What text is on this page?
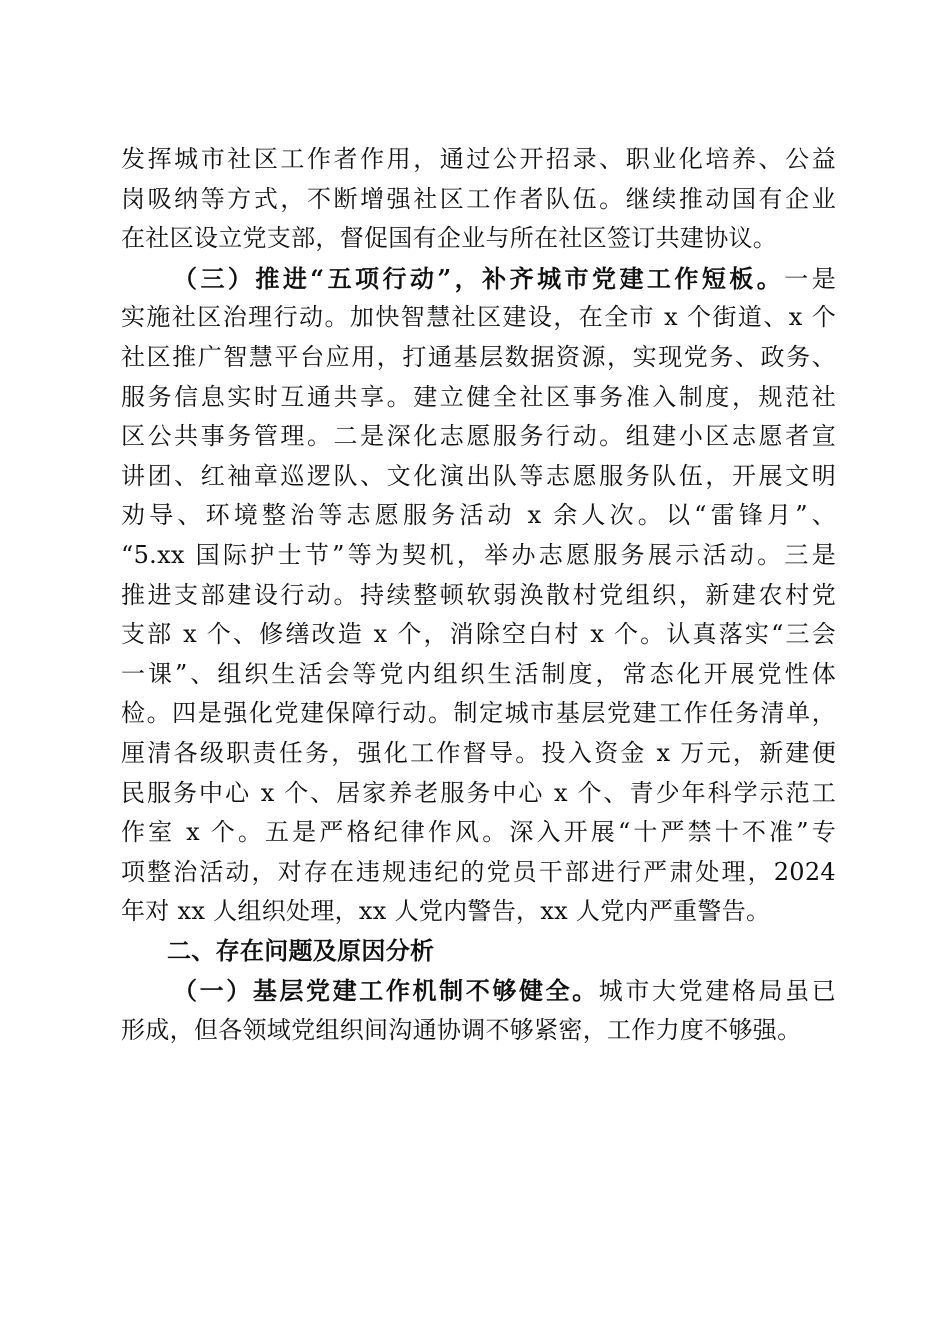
发挥城市社区工作者作用，通过公开招录、职业化培养、公益
岗吸纳等方式，不断增强社区工作者队伍。继续推动国有企业
在社区设立党支部，督促国有企业与所在社区签订共建协议。
（三）推进“五项行动”，补齐城市党建工作短板。一是
实施社区治理行动。加快智慧社区建设，在全市 x 个街道、x 个
社区推广智慧平台应用，打通基层数据资源，实现党务、政务、
服务信息实时互通共享。建立健全社区事务准入制度，规范社
区公共事务管理。二是深化志愿服务行动。组建小区志愿者宣
讲团、红袖章巡逻队、文化演出队等志愿服务队伍，开展文明
劝导、环境整治等志愿服务活动 x 余人次。以“雷锋月”、
“5.xx 国际护士节”等为契机，举办志愿服务展示活动。三是
推进支部建设行动。持续整顿软弱涣散村党组织，新建农村党
支部 x 个、修缮改造 x 个，消除空白村 x 个。认真落实“三会
一课”、组织生活会等党内组织生活制度，常态化开展党性体
检。四是强化党建保障行动。制定城市基层党建工作任务清单，
厘清各级职责任务，强化工作督导。投入资金 x 万元，新建便
民服务中心 x 个、居家养老服务中心 x 个、青少年科学示范工
作室 x 个。五是严格纪律作风。深入开展“十严禁十不准”专
项整治活动，对存在违规违纪的党员干部进行严肃处理，2024
年对 xx 人组织处理，xx 人党内警告，xx 人党内严重警告。
二、存在问题及原因分析
（一）基层党建工作机制不够健全。城市大党建格局虽已
形成，但各领域党组织间沟通协调不够紧密，工作力度不够强。
